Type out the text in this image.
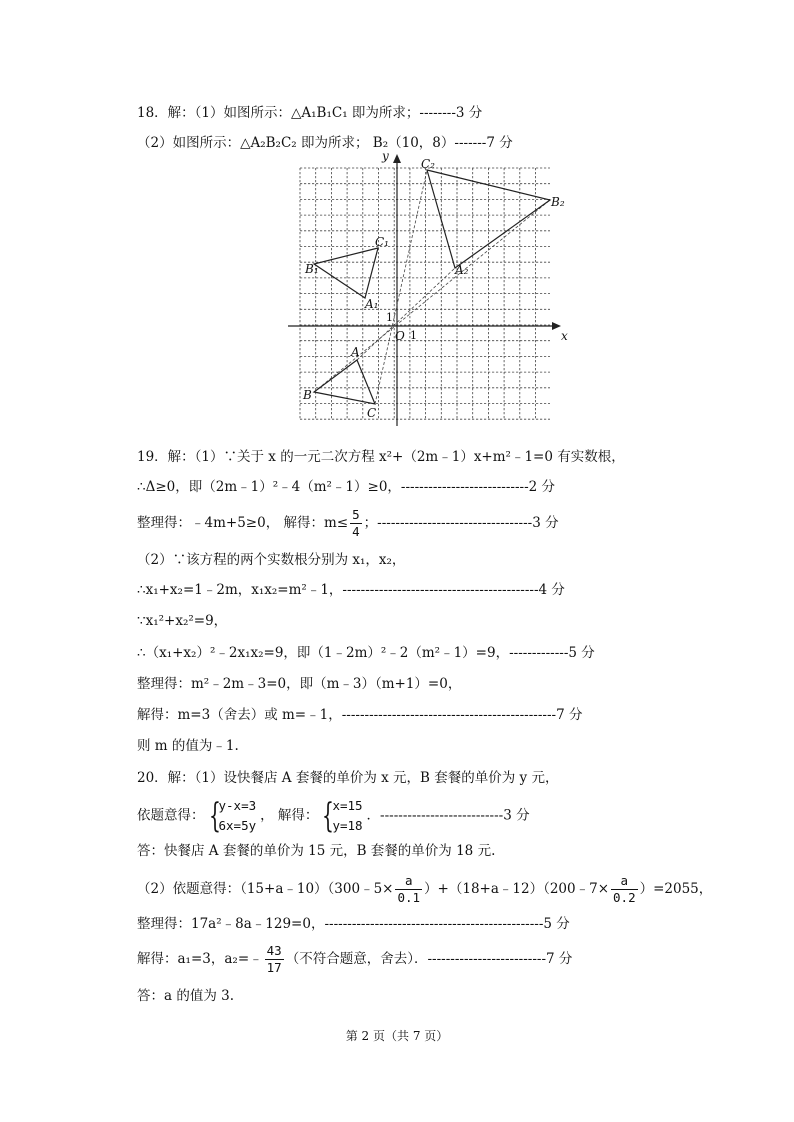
18．解：（1）如图所示：△A₁B₁C₁ 即为所求；--------3 分
（2）如图所示：△A₂B₂C₂ 即为所求； B₂（10，8）-------7 分
x
y
O
A
B
C
A₁
B₁
C₁
A₂
B₂
C₂
1
1
19．解：（1）∵关于 x 的一元二次方程 x²+（2m﹣1）x+m²﹣1=0 有实数根，
∴Δ≥0，即（2m﹣1）²﹣4（m²﹣1）≥0，----------------------------2 分
整理得：﹣4m+5≥0， 解得：$m\le \frac{5}{4}$ ；----------------------------------3 分
（2）∵该方程的两个实数根分别为 x₁，x₂，
∴x₁+x₂=1﹣2m，x₁x₂=m²﹣1，-------------------------------------------4 分
∵x₁²+x₂²=9，
∴（x₁+x₂）²﹣2x₁x₂=9，即（1﹣2m）²﹣2（m²﹣1）=9，-------------5 分
整理得：m²﹣2m﹣3=0，即（m﹣3）（m+1）=0，
解得：m=3（舍去）或 m=﹣1，-----------------------------------------------7 分
则 m 的值为﹣1.
20．解：（1）设快餐店 A 套餐的单价为 x 元，B 套餐的单价为 y 元，
依题意得： {
y-x=3
6x=5y
， 解得： {
x=15
y=18
．---------------------------3 分
答：快餐店 A 套餐的单价为 15 元，B 套餐的单价为 18 元.
（2）依题意得：（15+a﹣10）（300﹣5× $\frac{a}{0.1}$ ）+（18+a﹣12）（200﹣7× $\frac{a}{0.2} )=2055$，
整理得：17a²﹣8a﹣129=0，------------------------------------------------5 分
解得：a₁=3，a₂=﹣ $\frac{43}{17}$ （不符合题意，舍去）．--------------------------7 分
答：a 的值为 3.
第 2 页（共 7 页）
